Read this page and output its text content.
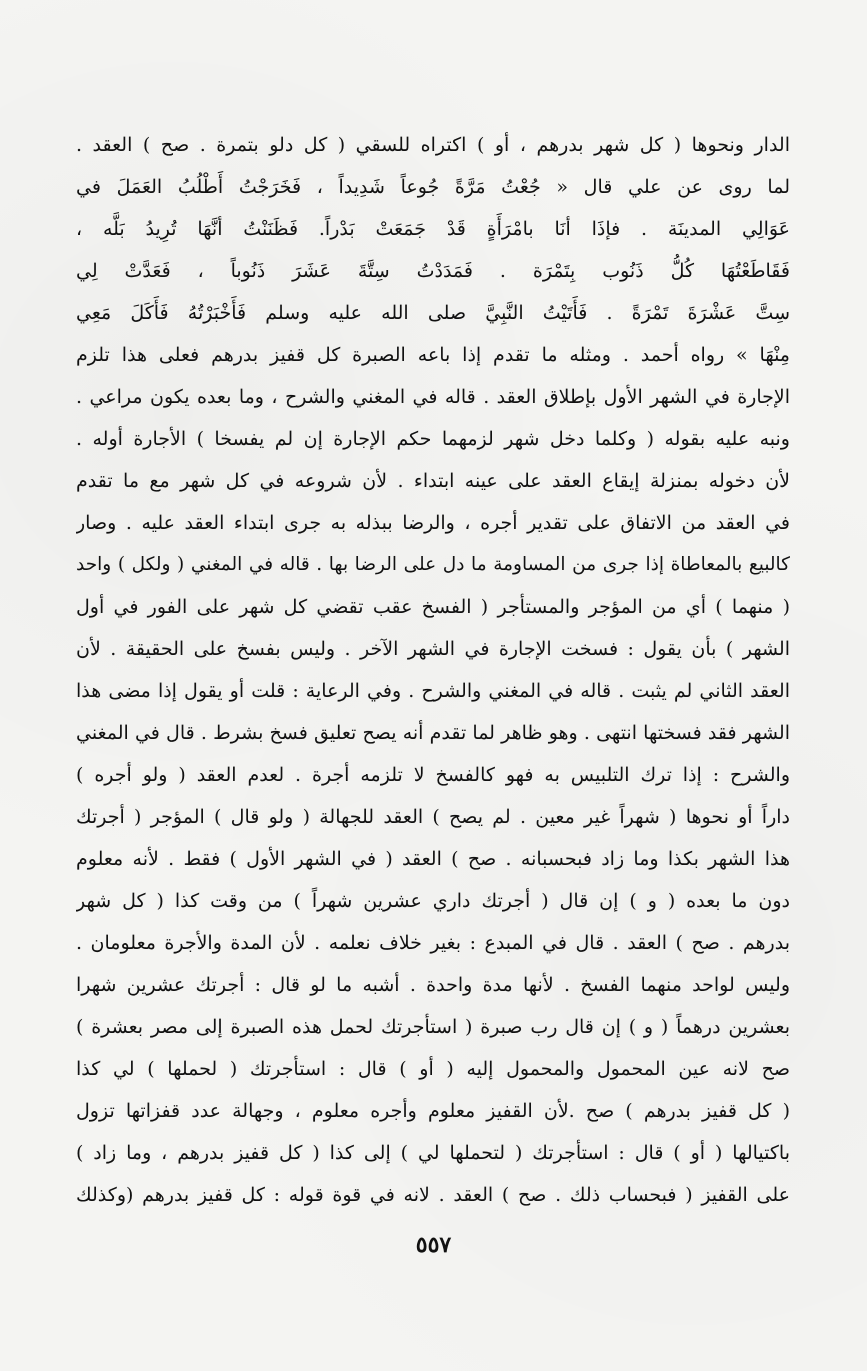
الدار ونحوها ( كل شهر بدرهم ، أو ) اكتراه للسقي ( كل دلو بتمرة . صح ) العقد .
لما روى عن علي قال « جُعْتُ مَرَّةً جُوعاً شَدِيداً ، فَخَرَجْتُ أَطْلُبُ العَمَلَ في
عَوَالِي المدينَة . فإذَا أنَا بامْرَأَةٍ قَدْ جَمَعَتْ بَدْراً. فَظَنَنْتُ أنَّهَا تُرِيدُ بَلَّه ،
فَقَاطَعْتُهَا كُلُّ ذَنُوب بِتَمْرَة . فَمَدَدْتُ سِتَّةَ عَشَرَ ذَنُوباً ، فَعَدَّتْ لِي
سِتَّ عَشْرَةَ تَمْرَةً . فَأَتَيْتُ النَّبِيَّ صلى الله عليه وسلم فَأَخْبَرْتُهُ فَأَكَلَ مَعِي
مِنْهَا » رواه أحمد . ومثله ما تقدم إذا باعه الصبرة كل قفيز بدرهم فعلى هذا تلزم
الإجارة في الشهر الأول بإطلاق العقد . قاله في المغني والشرح ، وما بعده يكون مراعي .
ونبه عليه بقوله ( وكلما دخل شهر لزمهما حكم الإجارة إن لم يفسخا ) الأجارة أوله .
لأن دخوله بمنزلة إيقاع العقد على عينه ابتداء . لأن شروعه في كل شهر مع ما تقدم
في العقد من الاتفاق على تقدير أجره ، والرضا ببذله به جرى ابتداء العقد عليه . وصار
كالبيع بالمعاطاة إذا جرى من المساومة ما دل على الرضا بها . قاله في المغني ( ولكل ) واحد
( منهما ) أي من المؤجر والمستأجر ( الفسخ عقب تقضي كل شهر على الفور في أول
الشهر ) بأن يقول : فسخت الإجارة في الشهر الآخر . وليس بفسخ على الحقيقة . لأن
العقد الثاني لم يثبت . قاله في المغني والشرح . وفي الرعاية : قلت أو يقول إذا مضى هذا
الشهر فقد فسختها انتهى . وهو ظاهر لما تقدم أنه يصح تعليق فسخ بشرط . قال في المغني
والشرح : إذا ترك التلبيس به فهو كالفسخ لا تلزمه أجرة . لعدم العقد ( ولو أجره )
داراً أو نحوها ( شهراً غير معين . لم يصح ) العقد للجهالة ( ولو قال ) المؤجر ( أجرتك
هذا الشهر بكذا وما زاد فبحسبانه . صح ) العقد ( في الشهر الأول ) فقط . لأنه معلوم
دون ما بعده ( و ) إن قال ( أجرتك داري عشرين شهراً ) من وقت كذا ( كل شهر
بدرهم . صح ) العقد . قال في المبدع : بغير خلاف نعلمه . لأن المدة والأجرة معلومان .
وليس لواحد منهما الفسخ . لأنها مدة واحدة . أشبه ما لو قال : أجرتك عشرين شهرا
بعشرين درهماً ( و ) إن قال رب صبرة ( استأجرتك لحمل هذه الصبرة إلى مصر بعشرة )
صح لانه عين المحمول والمحمول إليه ( أو ) قال : استأجرتك ( لحملها ) لي كذا
( كل قفيز بدرهم ) صح .لأن القفيز معلوم وأجره معلوم ، وجهالة عدد قفزاتها تزول
باكتيالها ( أو ) قال : استأجرتك ( لتحملها لي ) إلى كذا ( كل قفيز بدرهم ، وما زاد )
على القفيز ( فبحساب ذلك . صح ) العقد . لانه في قوة قوله : كل قفيز بدرهم (وكذلك
٥٥٧
